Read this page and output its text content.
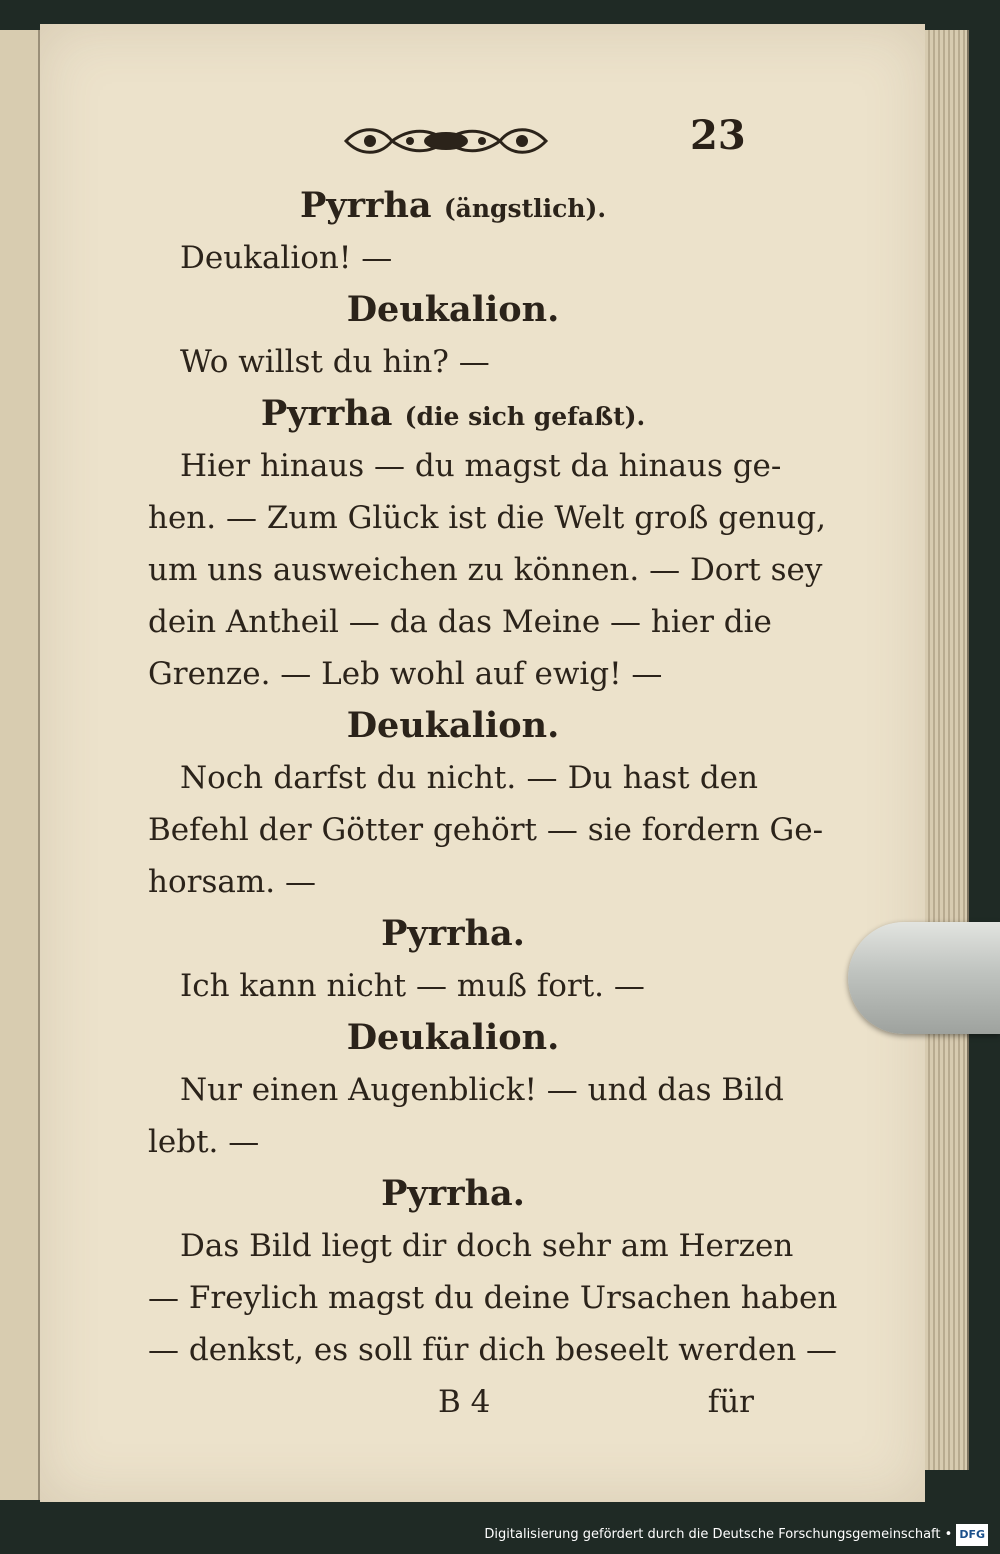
23
Pyrrha (ängstlich).
Deukalion! —
Deukalion.
Wo willst du hin? —
Pyrrha (die sich gefaßt).
Hier hinaus — du magst da hinaus ge-
hen. — Zum Glück ist die Welt groß genug,
um uns ausweichen zu können. — Dort sey
dein Antheil — da das Meine — hier die
Grenze. — Leb wohl auf ewig! —
Deukalion.
Noch darfst du nicht. — Du hast den
Befehl der Götter gehört — sie fordern Ge-
horsam. —
Pyrrha.
Ich kann nicht — muß fort. —
Deukalion.
Nur einen Augenblick! — und das Bild
lebt. —
Pyrrha.
Das Bild liegt dir doch sehr am Herzen
— Freylich magst du deine Ursachen haben
— denkst, es soll für dich beseelt werden —
B 4	für
Digitalisierung gefördert durch die Deutsche Forschungsgemeinschaft • DFG
